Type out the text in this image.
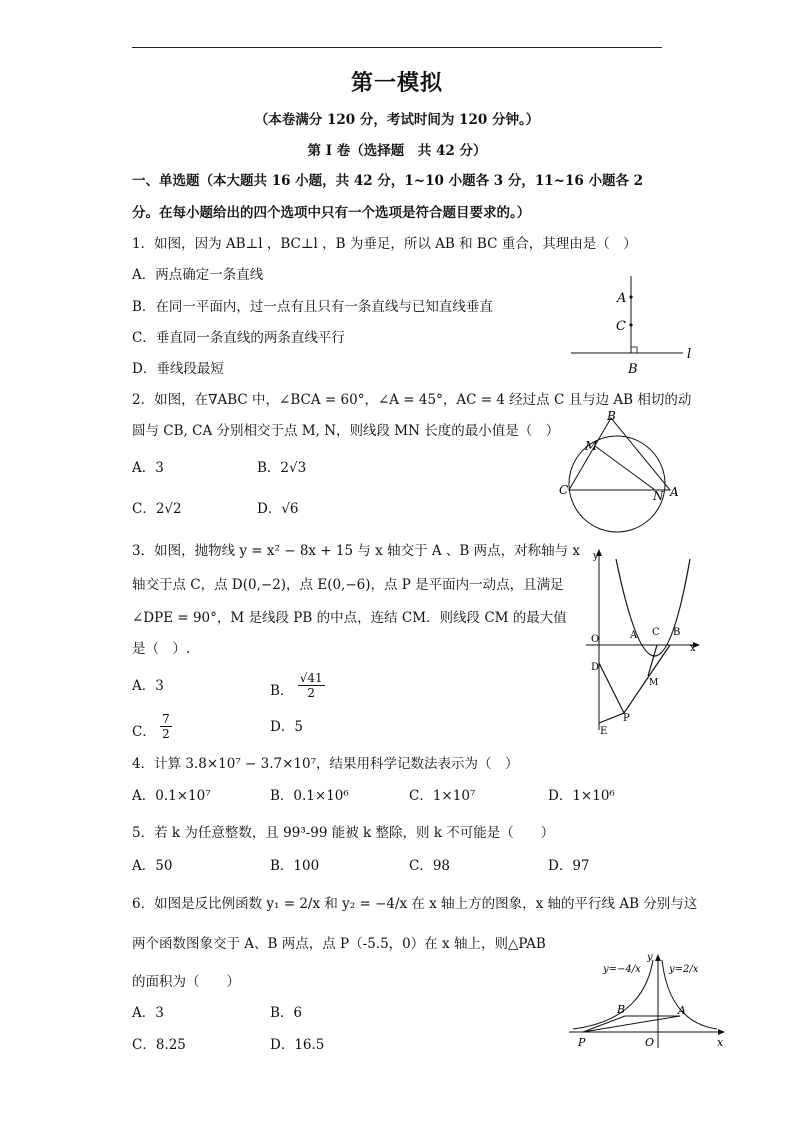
第一模拟
（本卷满分 120 分，考试时间为 120 分钟。）
第 I 卷（选择题　共 42 分）
一、单选题（本大题共 16 小题，共 42 分，1~10 小题各 3 分，11~16 小题各 2
分。在每小题给出的四个选项中只有一个选项是符合题目要求的。）
1．如图，因为 AB⊥l ，BC⊥l ，B 为垂足，所以 AB 和 BC 重合，其理由是（　）
A．两点确定一条直线
B．在同一平面内，过一点有且只有一条直线与已知直线垂直
C．垂直同一条直线的两条直线平行
D．垂线段最短
A
C
l
B
2．如图，在∇ABC 中，∠BCA = 60°，∠A = 45°，AC = 4 经过点 C 且与边 AB 相切的动
圆与 CB, CA 分别相交于点 M, N，则线段 MN 长度的最小值是（　）
A．3	B．2√3
C．2√2	D．√6
B
M
C	N A
3．如图，抛物线 y = x² − 8x + 15 与 x 轴交于 A 、B 两点，对称轴与 x
轴交于点 C，点 D(0,−2)，点 E(0,−6)，点 P 是平面内一动点，且满足
∠DPE = 90°，M 是线段 PB 的中点，连结 CM．则线段 CM 的最大值
是（　）.
A．3	B． $\frac{√41}{2}$
C． $\frac{7}{2}$	D．5
y
x
O	A C B
D
M
P
E
4．计算 3.8×10⁷ − 3.7×10⁷，结果用科学记数法表示为（　）
A．0.1×10⁷	B．0.1×10⁶	C．1×10⁷	D．1×10⁶
5．若 k 为任意整数，且 99³-99 能被 k 整除，则 k 不可能是（　　）
A．50	B．100	C．98	D．97
6．如图是反比例函数 y₁ = 2/x 和 y₂ = −4/x 在 x 轴上方的图象，x 轴的平行线 AB 分别与这
两个函数图象交于 A、B 两点，点 P（-5.5，0）在 x 轴上，则△PAB
的面积为（　　）
A．3	B．6
C．8.25	D．16.5
y=−4/x	y=2/x
y
B	A
P	O	x
